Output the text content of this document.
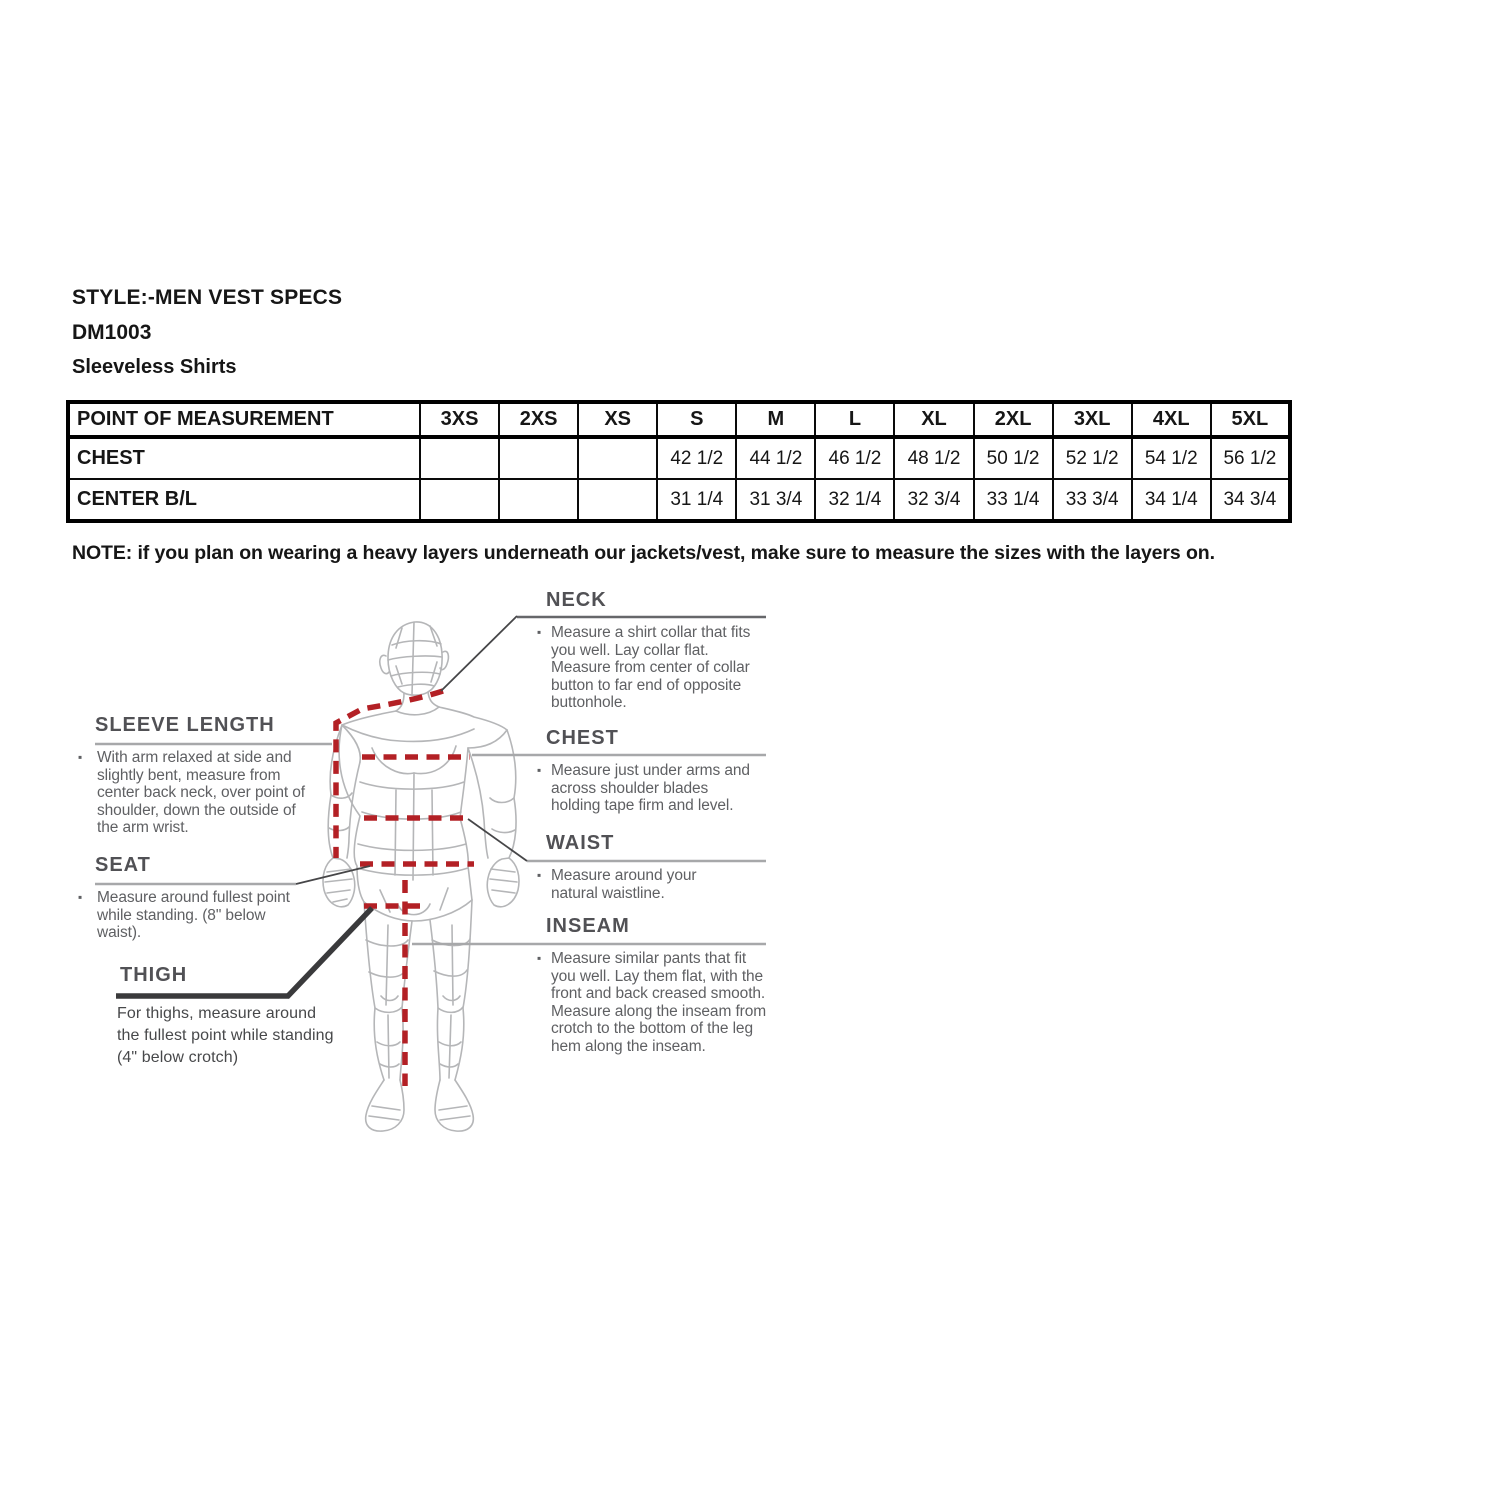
STYLE:-MEN VEST SPECS
DM1003
Sleeveless Shirts
POINT OF MEASUREMENT	3XS	2XS	XS	S	M	L	XL	2XL	3XL	4XL	5XL
CHEST				42 1/2	44 1/2	46 1/2	48 1/2	50 1/2	52 1/2	54 1/2	56 1/2
CENTER B/L				31 1/4	31 3/4	32 1/4	32 3/4	33 1/4	33 3/4	34 1/4	34 3/4
NOTE: if you plan on wearing a heavy layers underneath our jackets/vest, make sure to measure the sizes with the layers on.
NECK

▪ Measure a shirt collar that fits you well. Lay collar flat. Measure from center of collar button to far end of opposite buttonhole.

CHEST

▪ Measure just under arms and across shoulder blades holding tape firm and level.

WAIST

▪ Measure around your natural waistline.

INSEAM

▪ Measure similar pants that fit you well. Lay them flat, with the front and back creased smooth. Measure along the inseam from crotch to the bottom of the leg hem along the inseam.

SLEEVE LENGTH

▪ With arm relaxed at side and slightly bent, measure from center back neck, over point of shoulder, down the outside of the arm wrist.

SEAT

▪ Measure around fullest point while standing. (8" below waist).

THIGH

For thighs, measure around the fullest point while standing (4" below crotch)
